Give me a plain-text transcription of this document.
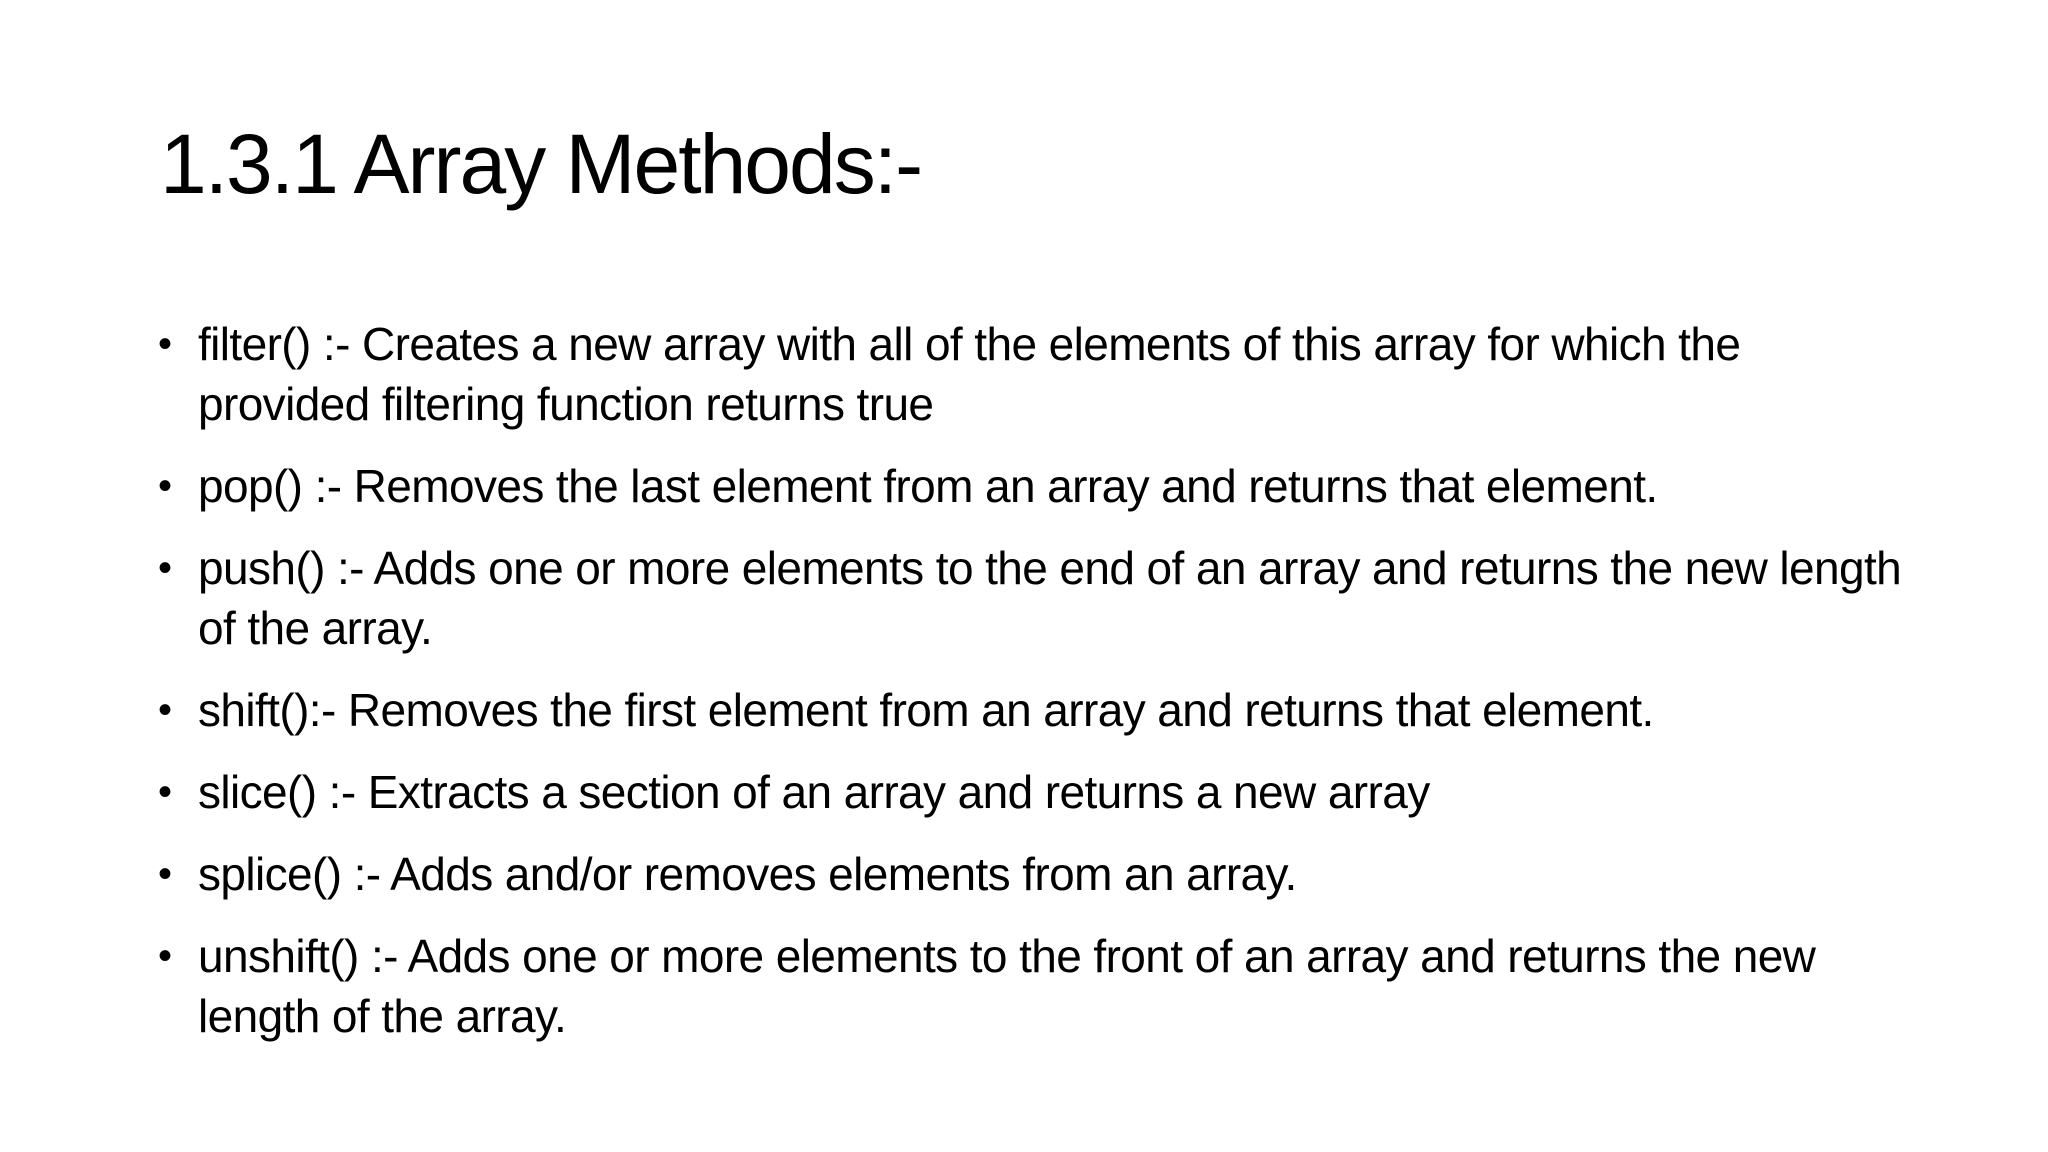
1.3.1 Array Methods:-
• filter() :- Creates a new array with all of the elements of this array for which the provided filtering function returns true
• pop() :- Removes the last element from an array and returns that element.
• push() :- Adds one or more elements to the end of an array and returns the new length of the array.
• shift():- Removes the first element from an array and returns that element.
• slice() :- Extracts a section of an array and returns a new array
• splice() :- Adds and/or removes elements from an array.
• unshift() :- Adds one or more elements to the front of an array and returns the new length of the array.
